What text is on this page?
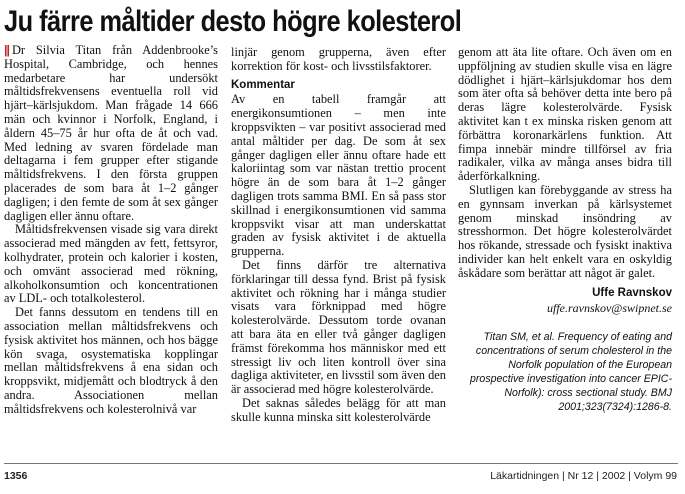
Ju färre måltider desto högre kolesterol

|| Dr Silvia Titan från Addenbrooke’s Hospital, Cambridge, och hennes medarbetare har undersökt måltidsfrekvensens eventuella roll vid hjärt–kärlsjukdom. Man frågade 14 666 män och kvinnor i Norfolk, England, i åldern 45–75 år hur ofta de åt och vad. Med ledning av svaren fördelade man deltagarna i fem grupper efter stigande måltidsfrekvens. I den första gruppen placerades de som bara åt 1–2 gånger dagligen; i den femte de som åt sex gånger dagligen eller ännu oftare.

Måltidsfrekvensen visade sig vara direkt associerad med mängden av fett, fettsyror, kolhydrater, protein och kalorier i kosten, och omvänt associerad med rökning, alkoholkonsumtion och koncentrationen av LDL- och totalkolesterol.

Det fanns dessutom en tendens till en association mellan måltidsfrekvens och fysisk aktivitet hos männen, och hos bägge kön svaga, osystematiska kopplingar mellan måltidsfrekvens å ena sidan och kroppsvikt, midjemått och blodtryck å den andra. Associationen mellan måltidsfrekvens och kolesterolnivå var

linjär genom grupperna, även efter korrektion för kost- och livsstilsfaktorer.

Kommentar

Av en tabell framgår att energikonsumtionen – men inte kroppsvikten – var positivt associerad med antal måltider per dag. De som åt sex gånger dagligen eller ännu oftare hade ett kaloriintag som var nästan trettio procent högre än de som bara åt 1–2 gånger dagligen trots samma BMI. En så pass stor skillnad i energikonsumtionen vid samma kroppsvikt visar att man underskattat graden av fysisk aktivitet i de aktuella grupperna.

Det finns därför tre alternativa förklaringar till dessa fynd. Brist på fysisk aktivitet och rökning har i många studier visats vara förknippad med högre kolesterolvärde. Dessutom torde ovanan att bara äta en eller två gånger dagligen främst förekomma hos människor med ett stressigt liv och liten kontroll över sina dagliga aktiviteter, en livsstil som även den är associerad med högre kolesterolvärde.

Det saknas således belägg för att man skulle kunna minska sitt kolesterolvärde

genom att äta lite oftare. Och även om en uppföljning av studien skulle visa en lägre dödlighet i hjärt–kärlsjukdomar hos dem som äter ofta så behöver detta inte bero på deras lägre kolesterolvärde. Fysisk aktivitet kan t ex minska risken genom att förbättra koronarkärlens funktion. Att fimpa innebär mindre tillförsel av fria radikaler, vilka av många anses bidra till åderförkalkning.

Slutligen kan förebyggande av stress ha en gynnsam inverkan på kärlsystemet genom minskad insöndring av stresshormon. Det högre kolesterolvärdet hos rökande, stressade och fysiskt inaktiva individer kan helt enkelt vara en oskyldig åskådare som berättar att något är galet.

Uffe Ravnskov
uffe.ravnskov@swipnet.se
Titan SM, et al. Frequency of eating and concentrations of serum cholesterol in the Norfolk population of the European prospective investigation into cancer EPIC-Norfolk): cross sectional study. BMJ 2001;323(7324):1286-8.
1356	Läkartidningen | Nr 12 | 2002 | Volym 99
